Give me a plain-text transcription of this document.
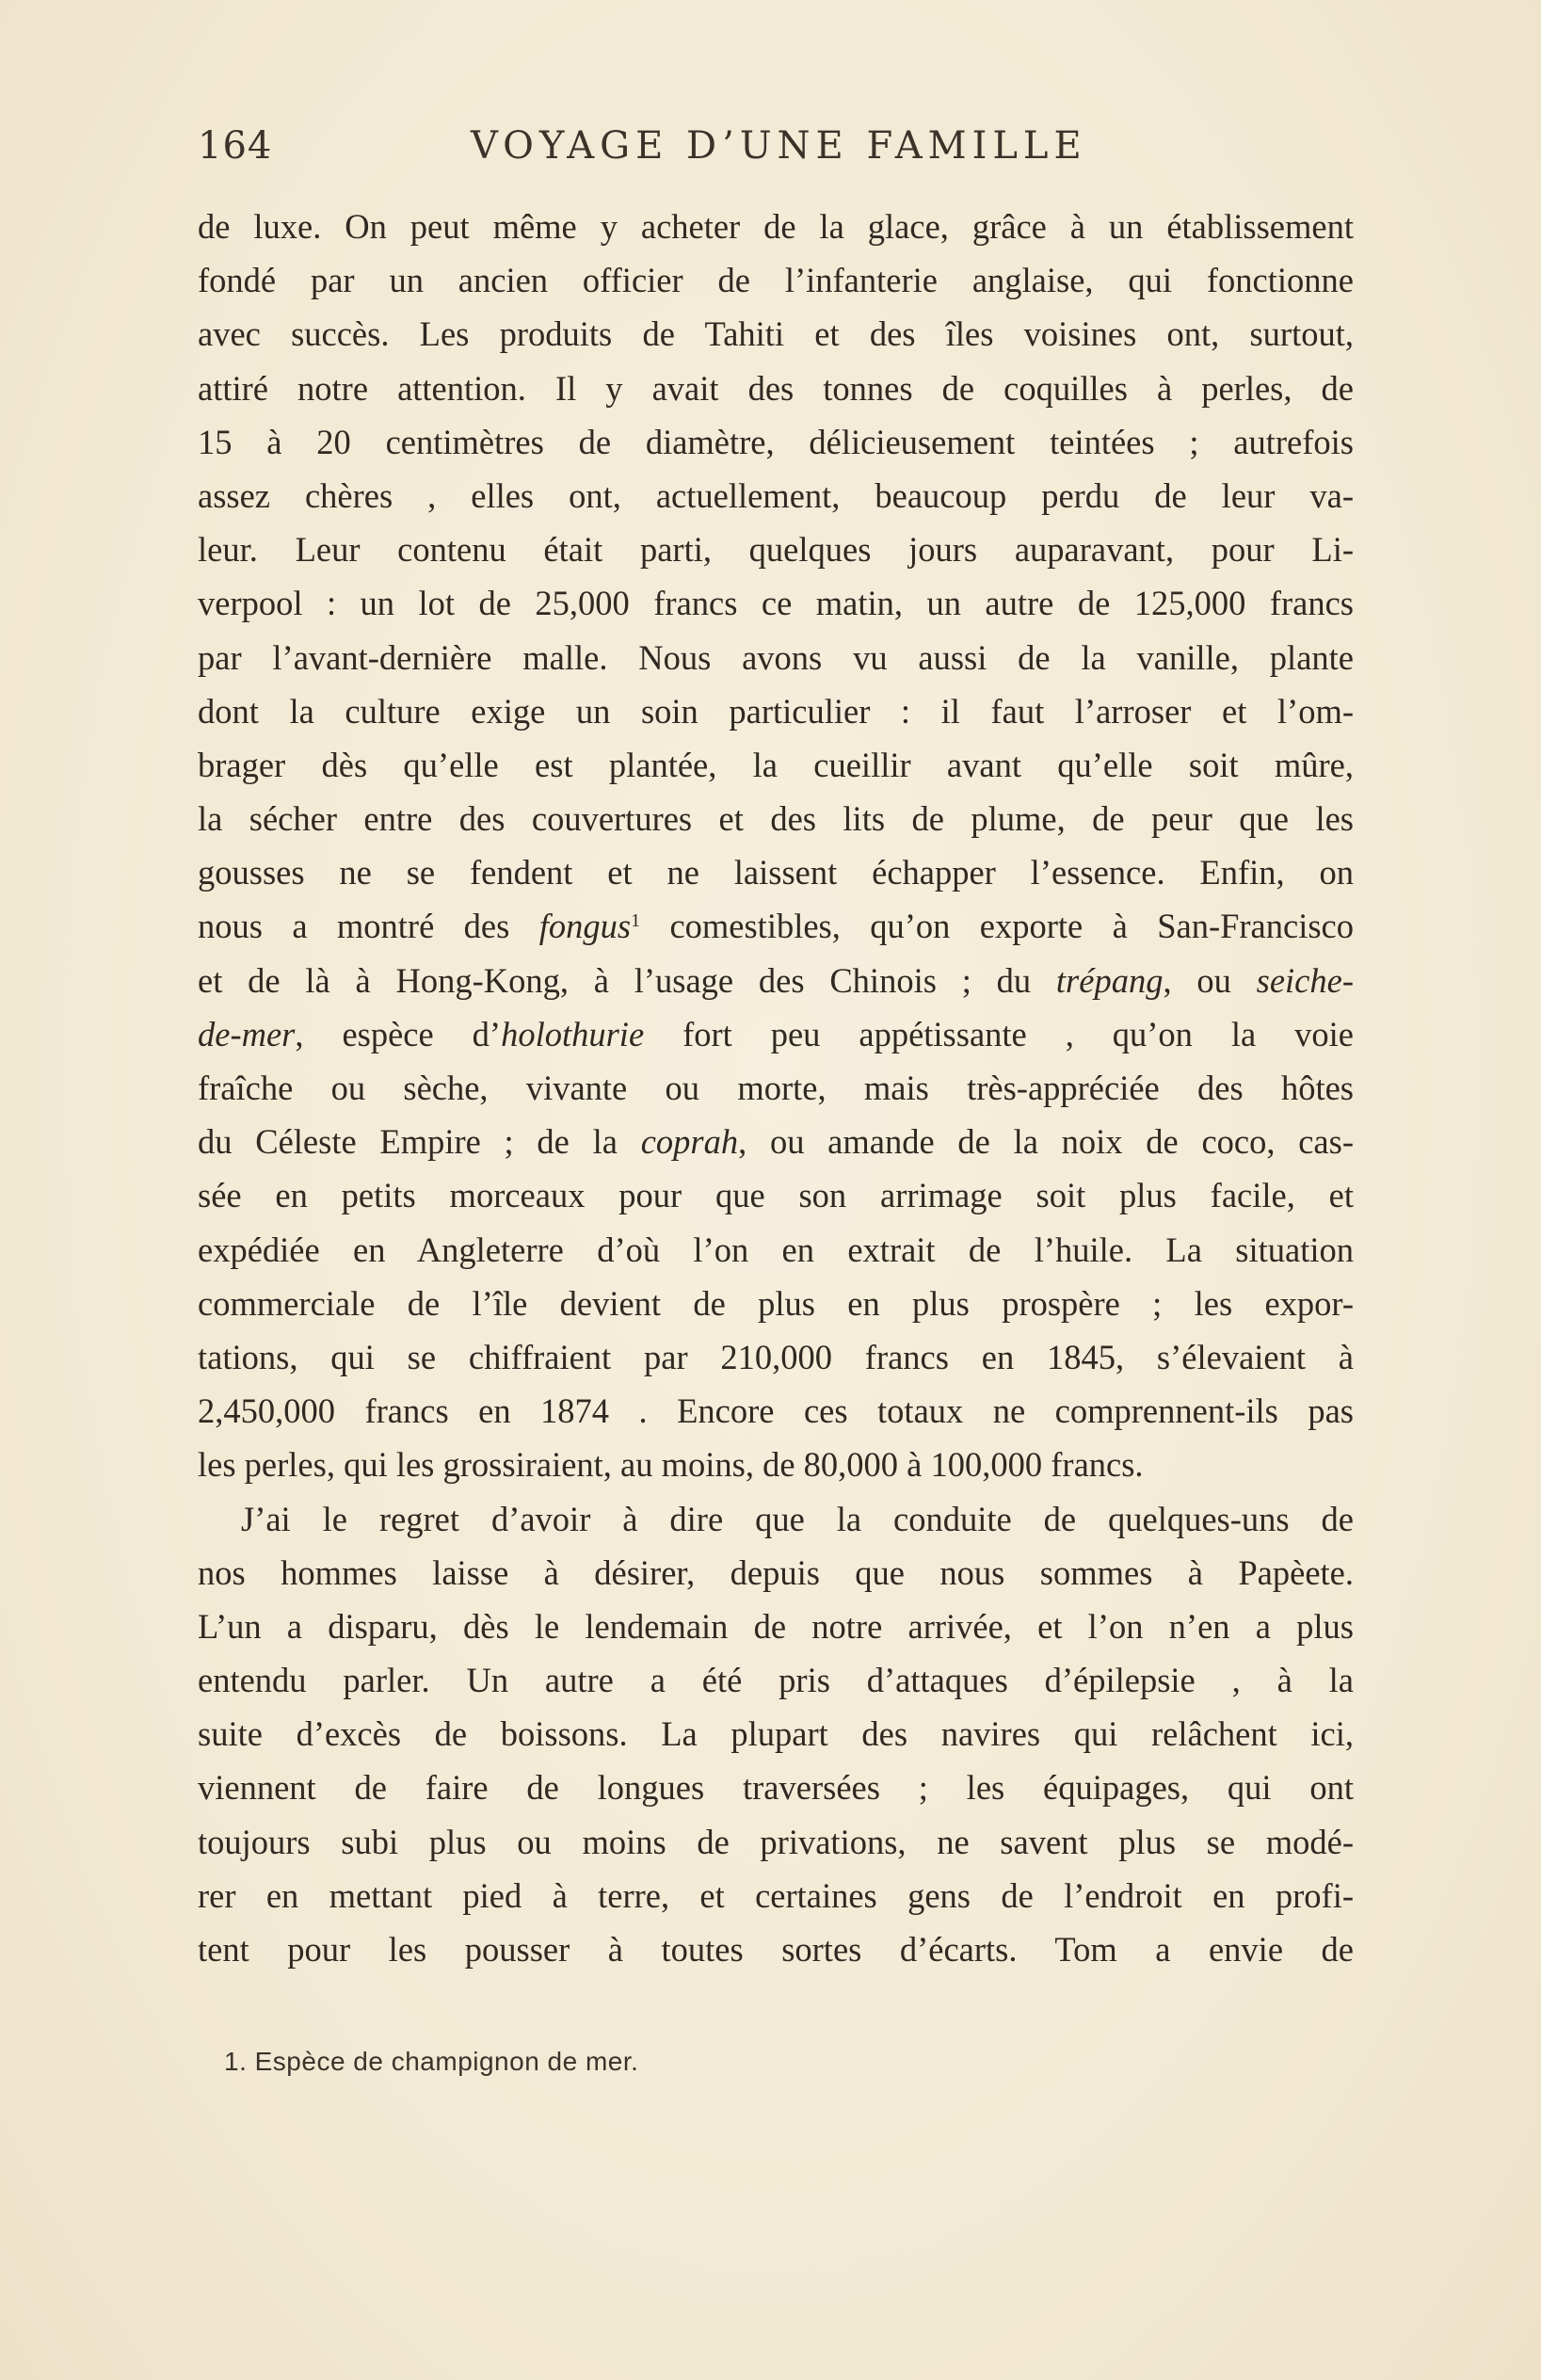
164	VOYAGE D’UNE FAMILLE
de luxe. On peut même y acheter de la glace, grâce à un établissement
fondé par un ancien officier de l’infanterie anglaise, qui fonctionne
avec succès. Les produits de Tahiti et des îles voisines ont, surtout,
attiré notre attention. Il y avait des tonnes de coquilles à perles, de
15 à 20 centimètres de diamètre, délicieusement teintées ; autrefois
assez chères , elles ont, actuellement, beaucoup perdu de leur va-
leur. Leur contenu était parti, quelques jours auparavant, pour Li-
verpool : un lot de 25,000 francs ce matin, un autre de 125,000 francs
par l’avant-dernière malle. Nous avons vu aussi de la vanille, plante
dont la culture exige un soin particulier : il faut l’arroser et l’om-
brager dès qu’elle est plantée, la cueillir avant qu’elle soit mûre,
la sécher entre des couvertures et des lits de plume, de peur que les
gousses ne se fendent et ne laissent échapper l’essence. Enfin, on
nous a montré des fongus$^1$ comestibles, qu’on exporte à San-Francisco
et de là à Hong-Kong, à l’usage des Chinois ; du trépang, ou seiche-
de-mer, espèce d’holothurie fort peu appétissante , qu’on la voie
fraîche ou sèche, vivante ou morte, mais très-appréciée des hôtes
du Céleste Empire ; de la coprah, ou amande de la noix de coco, cas-
sée en petits morceaux pour que son arrimage soit plus facile, et
expédiée en Angleterre d’où l’on en extrait de l’huile. La situation
commerciale de l’île devient de plus en plus prospère ; les expor-
tations, qui se chiffraient par 210,000 francs en 1845, s’élevaient à
2,450,000 francs en 1874 . Encore ces totaux ne comprennent-ils pas
les perles, qui les grossiraient, au moins, de 80,000 à 100,000 francs.
J’ai le regret d’avoir à dire que la conduite de quelques-uns de
nos hommes laisse à désirer, depuis que nous sommes à Papèete.
L’un a disparu, dès le lendemain de notre arrivée, et l’on n’en a plus
entendu parler. Un autre a été pris d’attaques d’épilepsie , à la
suite d’excès de boissons. La plupart des navires qui relâchent ici,
viennent de faire de longues traversées ; les équipages, qui ont
toujours subi plus ou moins de privations, ne savent plus se modé-
rer en mettant pied à terre, et certaines gens de l’endroit en profi-
tent pour les pousser à toutes sortes d’écarts. Tom a envie de
1. Espèce de champignon de mer.
